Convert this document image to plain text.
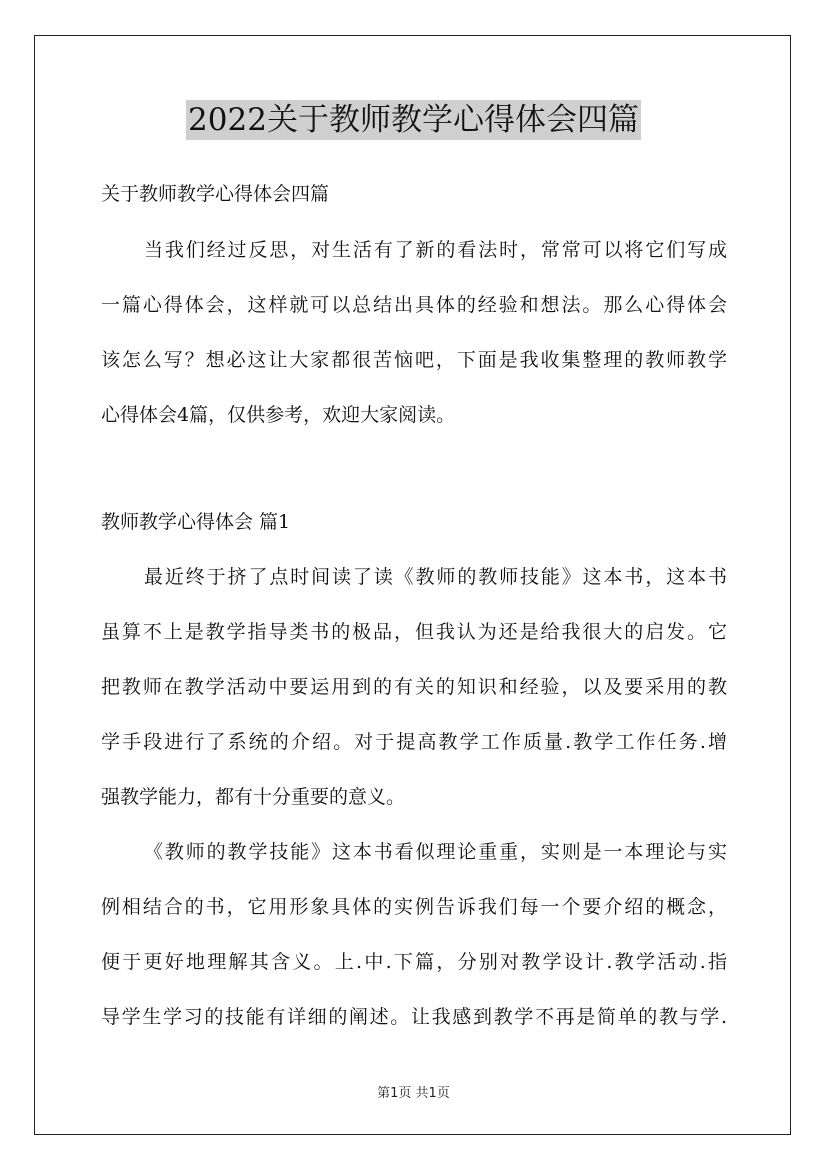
2022关于教师教学心得体会四篇
关于教师教学心得体会四篇
当我们经过反思，对生活有了新的看法时，常常可以将它们写成
一篇心得体会，这样就可以总结出具体的经验和想法。那么心得体会
该怎么写？想必这让大家都很苦恼吧，下面是我收集整理的教师教学
心得体会4篇，仅供参考，欢迎大家阅读。
教师教学心得体会 篇1
最近终于挤了点时间读了读《教师的教师技能》这本书，这本书
虽算不上是教学指导类书的极品，但我认为还是给我很大的启发。它
把教师在教学活动中要运用到的有关的知识和经验，以及要采用的教
学手段进行了系统的介绍。对于提高教学工作质量.教学工作任务.增
强教学能力，都有十分重要的意义。
《教师的教学技能》这本书看似理论重重，实则是一本理论与实
例相结合的书，它用形象具体的实例告诉我们每一个要介绍的概念，
便于更好地理解其含义。上.中.下篇，分别对教学设计.教学活动.指
导学生学习的技能有详细的阐述。让我感到教学不再是简单的教与学.
第1页 共1页
